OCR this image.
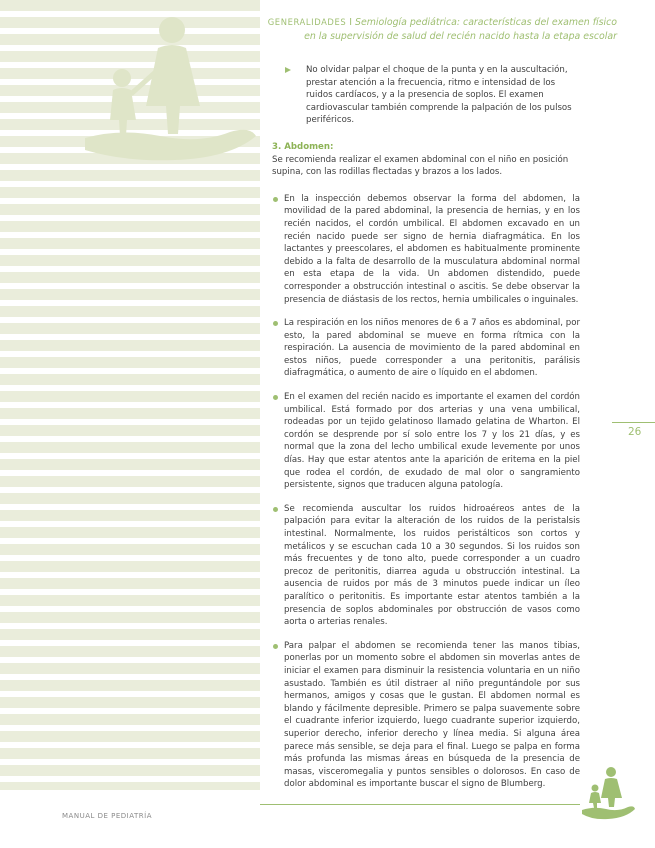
GENERALIDADES I Semiología pediátrica: características del examen físico
en la supervisión de salud del recién nacido hasta la etapa escolar
No olvidar palpar el choque de la punta y en la auscultación, prestar atención a la frecuencia, ritmo e intensidad de los ruidos cardíacos, y a la presencia de soplos. El examen cardiovascular también comprende la palpación de los pulsos periféricos.
3. Abdomen:
Se recomienda realizar el examen abdominal con el niño en posición supina, con las rodillas flectadas y brazos a los lados.
En la inspección debemos observar la forma del abdomen, la movilidad de la pared abdominal, la presencia de hernias, y en los recién nacidos, el cordón umbilical. El abdomen excavado en un recién nacido puede ser signo de hernia diafragmática. En los lactantes y preescolares, el abdomen es habitualmente prominente debido a la falta de desarrollo de la musculatura abdominal normal en esta etapa de la vida. Un abdomen distendido, puede corresponder a obstrucción intestinal o ascitis. Se debe observar la presencia de diástasis de los rectos, hernia umbilicales o inguinales.
La respiración en los niños menores de 6 a 7 años es abdominal, por esto, la pared abdominal se mueve en forma rítmica con la respiración. La ausencia de movimiento de la pared abdominal en estos niños, puede corresponder a una peritonitis, parálisis diafragmática, o aumento de aire o líquido en el abdomen.
En el examen del recién nacido es importante el examen del cordón umbilical. Está formado por dos arterias y una vena umbilical, rodeadas por un tejido gelatinoso llamado gelatina de Wharton. El cordón se desprende por sí solo entre los 7 y los 21 días, y es normal que la zona del lecho umbilical exude levemente por unos días. Hay que estar atentos ante la aparición de eritema en la piel que rodea el cordón, de exudado de mal olor o sangramiento persistente, signos que traducen alguna patología.
Se recomienda auscultar los ruidos hidroaéreos antes de la palpación para evitar la alteración de los ruidos de la peristalsis intestinal. Normalmente, los ruidos peristálticos son cortos y metálicos y se escuchan cada 10 a 30 segundos. Si los ruidos son más frecuentes y de tono alto, puede corresponder a un cuadro precoz de peritonitis, diarrea aguda u obstrucción intestinal. La ausencia de ruidos por más de 3 minutos puede indicar un íleo paralítico o peritonitis. Es importante estar atentos también a la presencia de soplos abdominales por obstrucción de vasos como aorta o arterias renales.
Para palpar el abdomen se recomienda tener las manos tibias, ponerlas por un momento sobre el abdomen sin moverlas antes de iniciar el examen para disminuir la resistencia voluntaria en un niño asustado. También es útil distraer al niño preguntándole por sus hermanos, amigos y cosas que le gustan. El abdomen normal es blando y fácilmente depresible. Primero se palpa suavemente sobre el cuadrante inferior izquierdo, luego cuadrante superior izquierdo, superior derecho, inferior derecho y línea media. Si alguna área parece más sensible, se deja para el final. Luego se palpa en forma más profunda las mismas áreas en búsqueda de la presencia de masas, visceromegalia y puntos sensibles o dolorosos. En caso de dolor abdominal es importante buscar el signo de Blumberg.
26
MANUAL DE PEDIATRÍA
